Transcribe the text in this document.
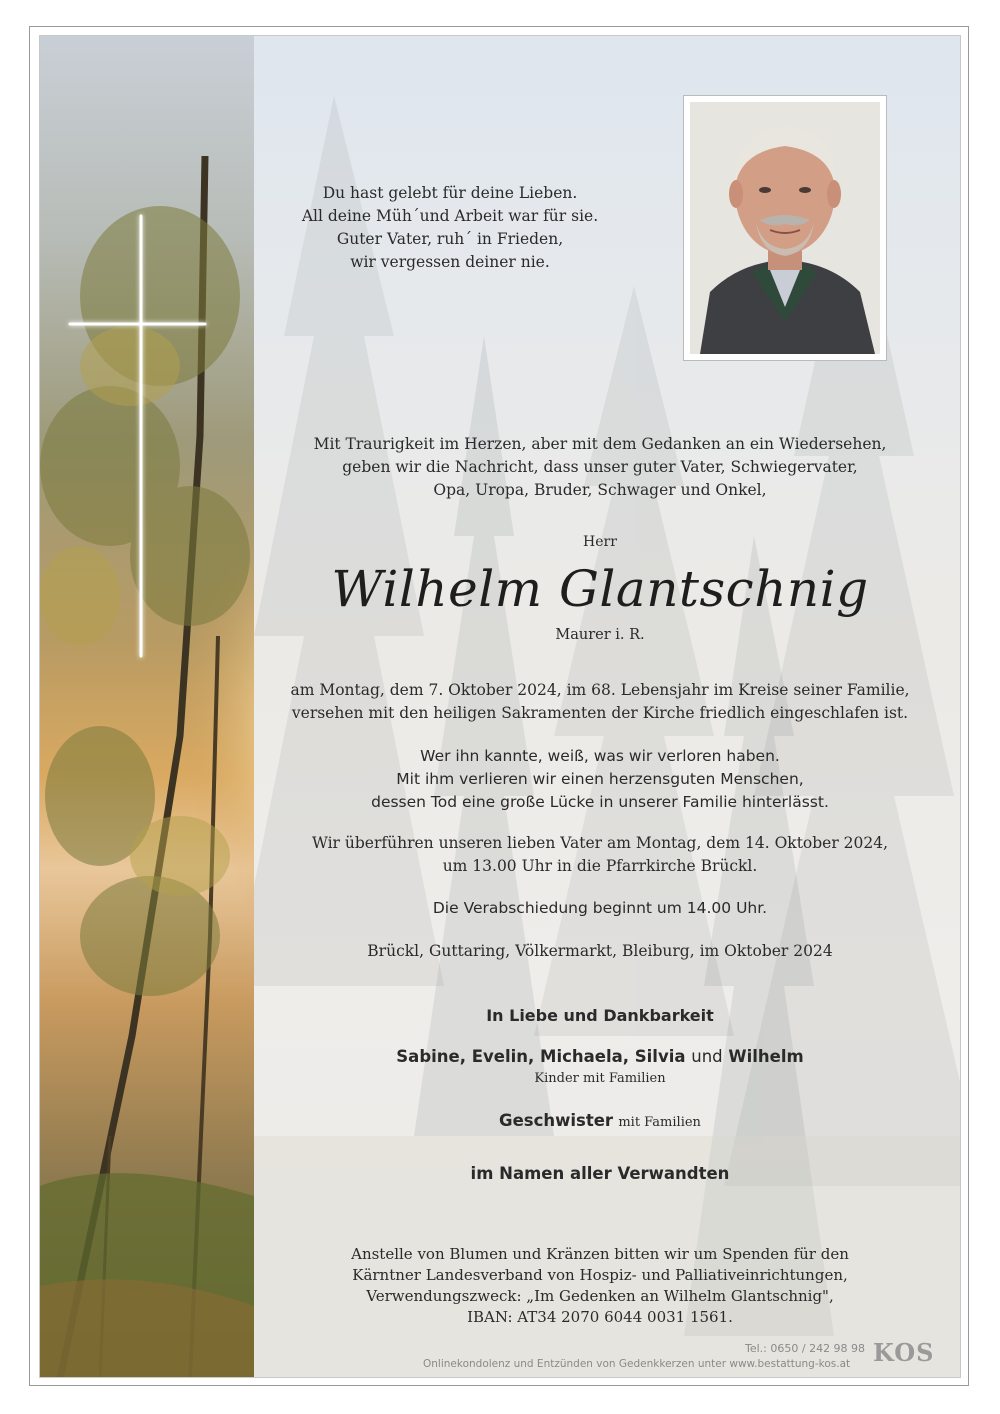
Du hast gelebt für deine Lieben.
All deine Müh´und Arbeit war für sie.
Guter Vater, ruh´ in Frieden,
wir vergessen deiner nie.
Mit Traurigkeit im Herzen, aber mit dem Gedanken an ein Wiedersehen,
geben wir die Nachricht, dass unser guter Vater, Schwiegervater,
Opa, Uropa, Bruder, Schwager und Onkel,
Herr
Wilhelm Glantschnig
Maurer i. R.
am Montag, dem 7. Oktober 2024, im 68. Lebensjahr im Kreise seiner Familie,
versehen mit den heiligen Sakramenten der Kirche friedlich eingeschlafen ist.
Wer ihn kannte, weiß, was wir verloren haben.
Mit ihm verlieren wir einen herzensguten Menschen,
dessen Tod eine große Lücke in unserer Familie hinterlässt.
Wir überführen unseren lieben Vater am Montag, dem 14. Oktober 2024,
um 13.00 Uhr in die Pfarrkirche Brückl.
Die Verabschiedung beginnt um 14.00 Uhr.
Brückl, Guttaring, Völkermarkt, Bleiburg, im Oktober 2024
In Liebe und Dankbarkeit
Sabine, Evelin, Michaela, Silvia und Wilhelm
Kinder mit Familien
Geschwister mit Familien
im Namen aller Verwandten
Anstelle von Blumen und Kränzen bitten wir um Spenden für den
Kärntner Landesverband von Hospiz- und Palliativeinrichtungen,
Verwendungszweck: „Im Gedenken an Wilhelm Glantschnig",
IBAN: AT34 2070 6044 0031 1561.
Tel.: 0650 / 242 98 98
Onlinekondolenz und Entzünden von Gedenkkerzen unter www.bestattung-kos.at KOS
